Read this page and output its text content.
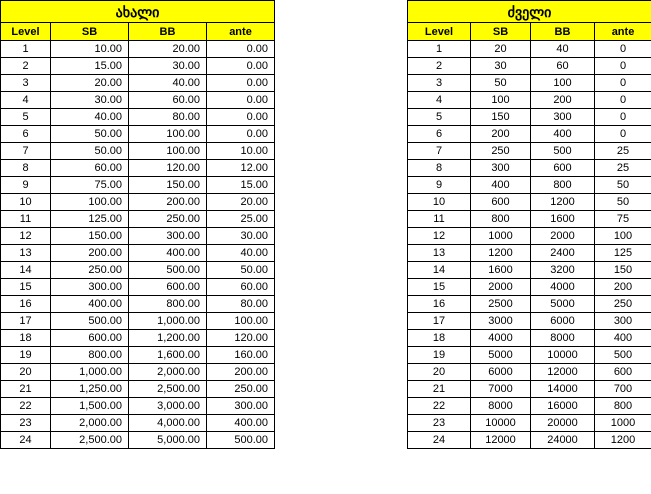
ახალი			
Level	SB	BB	ante
1	10.00	20.00	0.00
2	15.00	30.00	0.00
3	20.00	40.00	0.00
4	30.00	60.00	0.00
5	40.00	80.00	0.00
6	50.00	100.00	0.00
7	50.00	100.00	10.00
8	60.00	120.00	12.00
9	75.00	150.00	15.00
10	100.00	200.00	20.00
11	125.00	250.00	25.00
12	150.00	300.00	30.00
13	200.00	400.00	40.00
14	250.00	500.00	50.00
15	300.00	600.00	60.00
16	400.00	800.00	80.00
17	500.00	1,000.00	100.00
18	600.00	1,200.00	120.00
19	800.00	1,600.00	160.00
20	1,000.00	2,000.00	200.00
21	1,250.00	2,500.00	250.00
22	1,500.00	3,000.00	300.00
23	2,000.00	4,000.00	400.00
24	2,500.00	5,000.00	500.00
ძველი			
Level	SB	BB	ante
1	20	40	0
2	30	60	0
3	50	100	0
4	100	200	0
5	150	300	0
6	200	400	0
7	250	500	25
8	300	600	25
9	400	800	50
10	600	1200	50
11	800	1600	75
12	1000	2000	100
13	1200	2400	125
14	1600	3200	150
15	2000	4000	200
16	2500	5000	250
17	3000	6000	300
18	4000	8000	400
19	5000	10000	500
20	6000	12000	600
21	7000	14000	700
22	8000	16000	800
23	10000	20000	1000
24	12000	24000	1200
